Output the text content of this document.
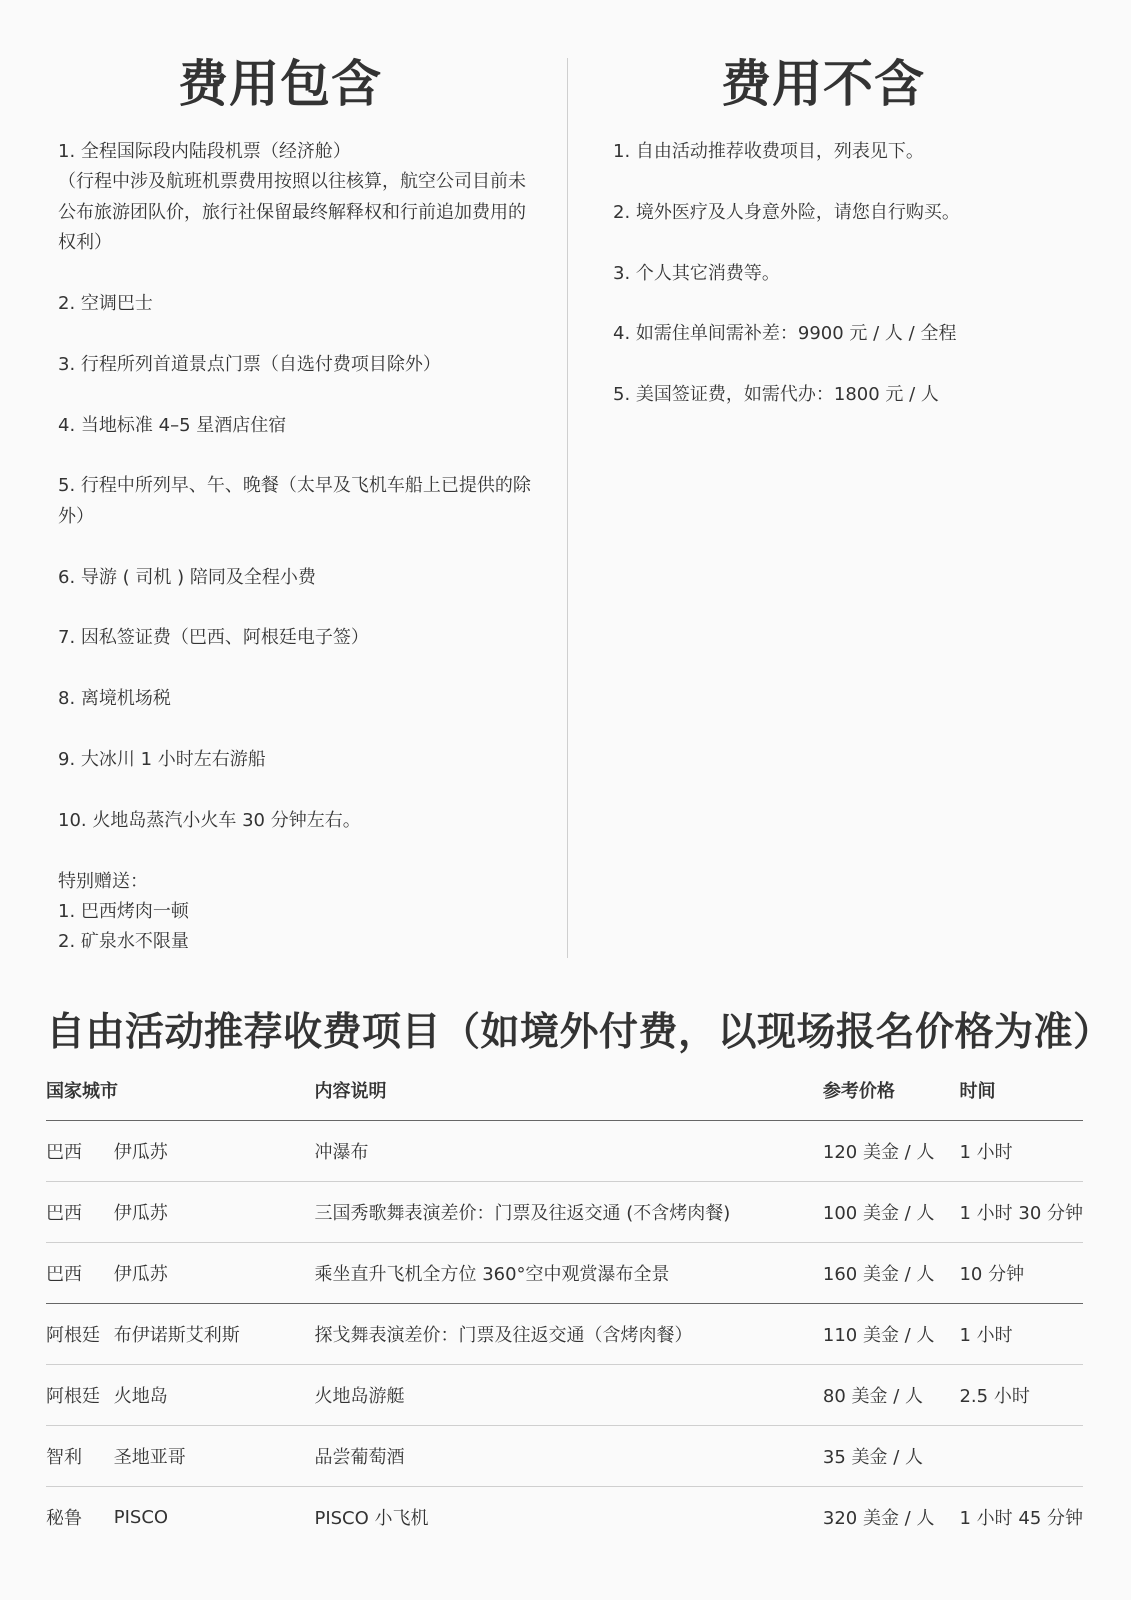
费用包含

1. 全程国际段内陆段机票（经济舱）
（行程中涉及航班机票费用按照以往核算，航空公司目前未公布旅游团队价，旅行社保留最终解释权和行前追加费用的权利）

2. 空调巴士

3. 行程所列首道景点门票（自选付费项目除外）

4. 当地标准 4–5 星酒店住宿

5. 行程中所列早、午、晚餐（太早及飞机车船上已提供的除外）

6. 导游 ( 司机 ) 陪同及全程小费

7. 因私签证费（巴西、阿根廷电子签）

8. 离境机场税

9. 大冰川 1 小时左右游船

10. 火地岛蒸汽小火车 30 分钟左右。

特别赠送：

1. 巴西烤肉一顿

2. 矿泉水不限量

费用不含

1. 自由活动推荐收费项目，列表见下。

2. 境外医疗及人身意外险，请您自行购买。

3. 个人其它消费等。

4. 如需住单间需补差：9900 元 / 人 / 全程

5. 美国签证费，如需代办：1800 元 / 人

自由活动推荐收费项目（如境外付费，以现场报名价格为准）
国家城市		内容说明	参考价格	时间
巴西	伊瓜苏	冲瀑布	120 美金 / 人	1 小时
巴西	伊瓜苏	三国秀歌舞表演差价：门票及往返交通 (不含烤肉餐)	100 美金 / 人	1 小时 30 分钟
巴西	伊瓜苏	乘坐直升飞机全方位 360°空中观赏瀑布全景	160 美金 / 人	10 分钟
阿根廷	布伊诺斯艾利斯	探戈舞表演差价：门票及往返交通（含烤肉餐）	110 美金 / 人	1 小时
阿根廷	火地岛	火地岛游艇	80 美金 / 人	2.5 小时
智利	圣地亚哥	品尝葡萄酒	35 美金 / 人	
秘鲁	PISCO	PISCO 小飞机	320 美金 / 人	1 小时 45 分钟
